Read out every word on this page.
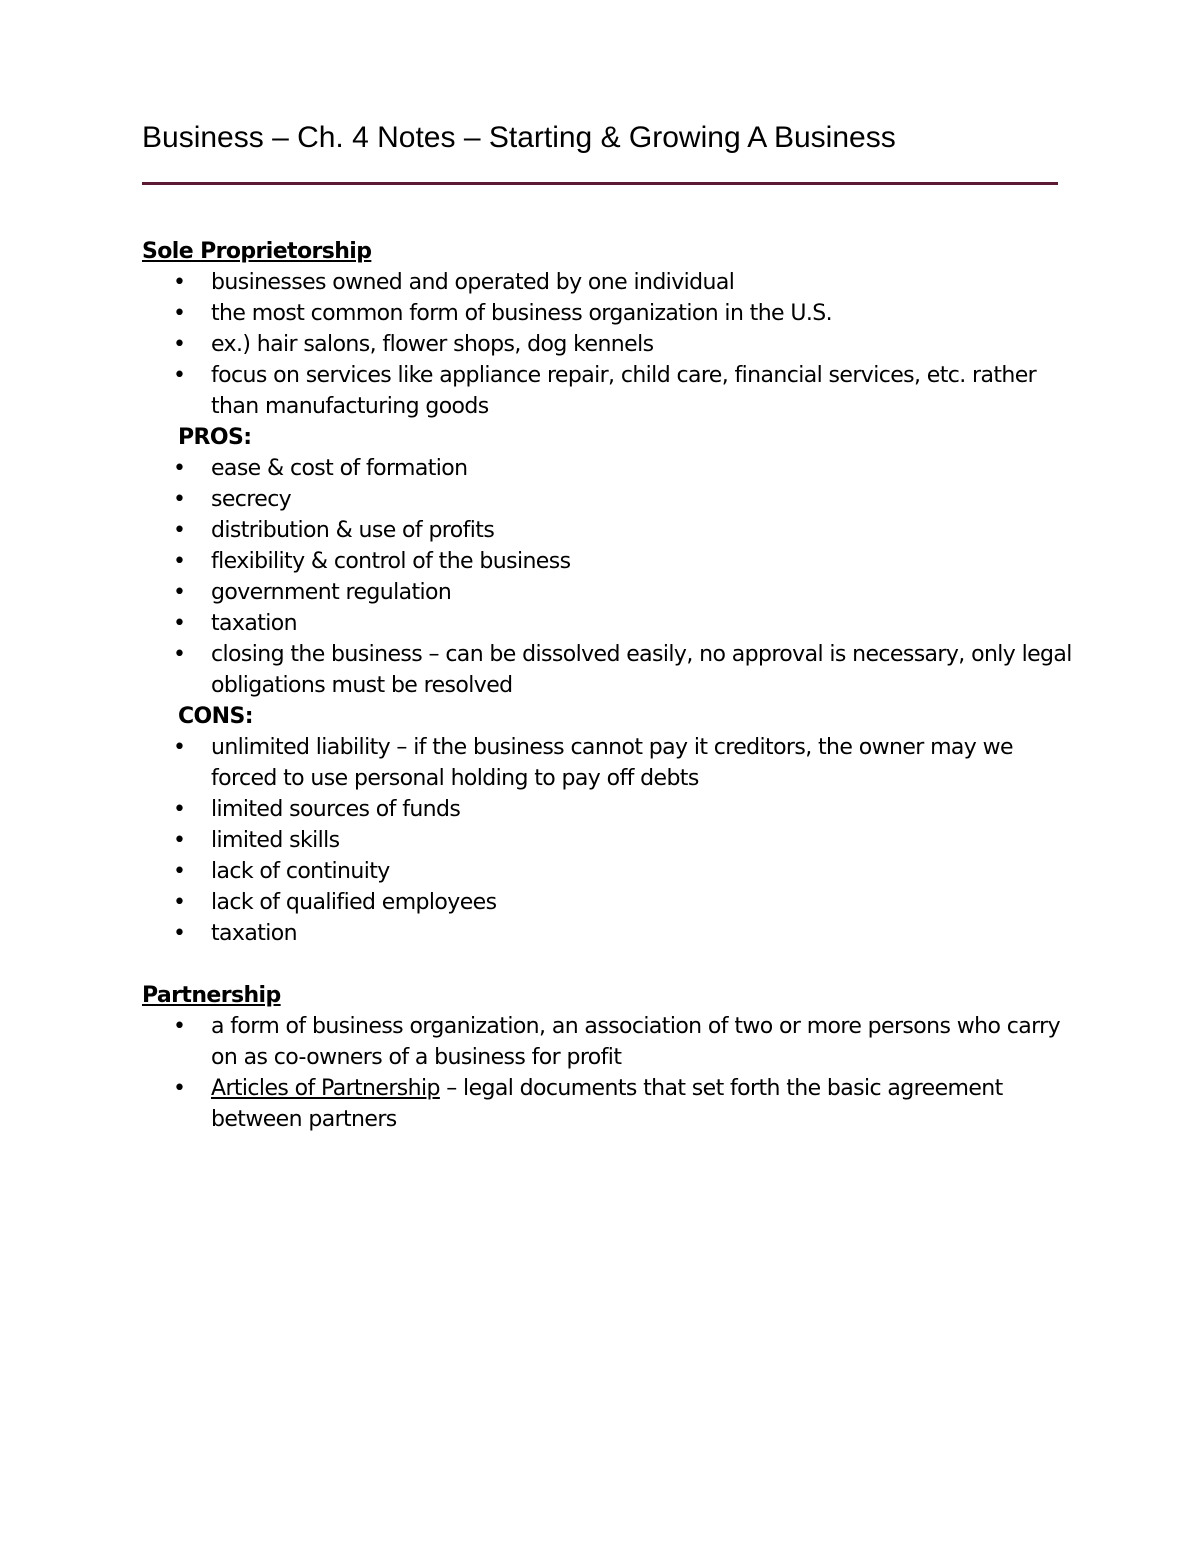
Business – Ch. 4 Notes – Starting & Growing A Business

Sole Proprietorship

• businesses owned and operated by one individual
• the most common form of business organization in the U.S.
• ex.) hair salons, flower shops, dog kennels
• focus on services like appliance repair, child care, financial services, etc. rather than manufacturing goods

PROS:

• ease & cost of formation
• secrecy
• distribution & use of profits
• flexibility & control of the business
• government regulation
• taxation
• closing the business – can be dissolved easily, no approval is necessary, only legal obligations must be resolved

CONS:

• unlimited liability – if the business cannot pay it creditors, the owner may we forced to use personal holding to pay off debts
• limited sources of funds
• limited skills
• lack of continuity
• lack of qualified employees
• taxation

Partnership

• a form of business organization, an association of two or more persons who carry on as co-owners of a business for profit
• Articles of Partnership – legal documents that set forth the basic agreement between partners
